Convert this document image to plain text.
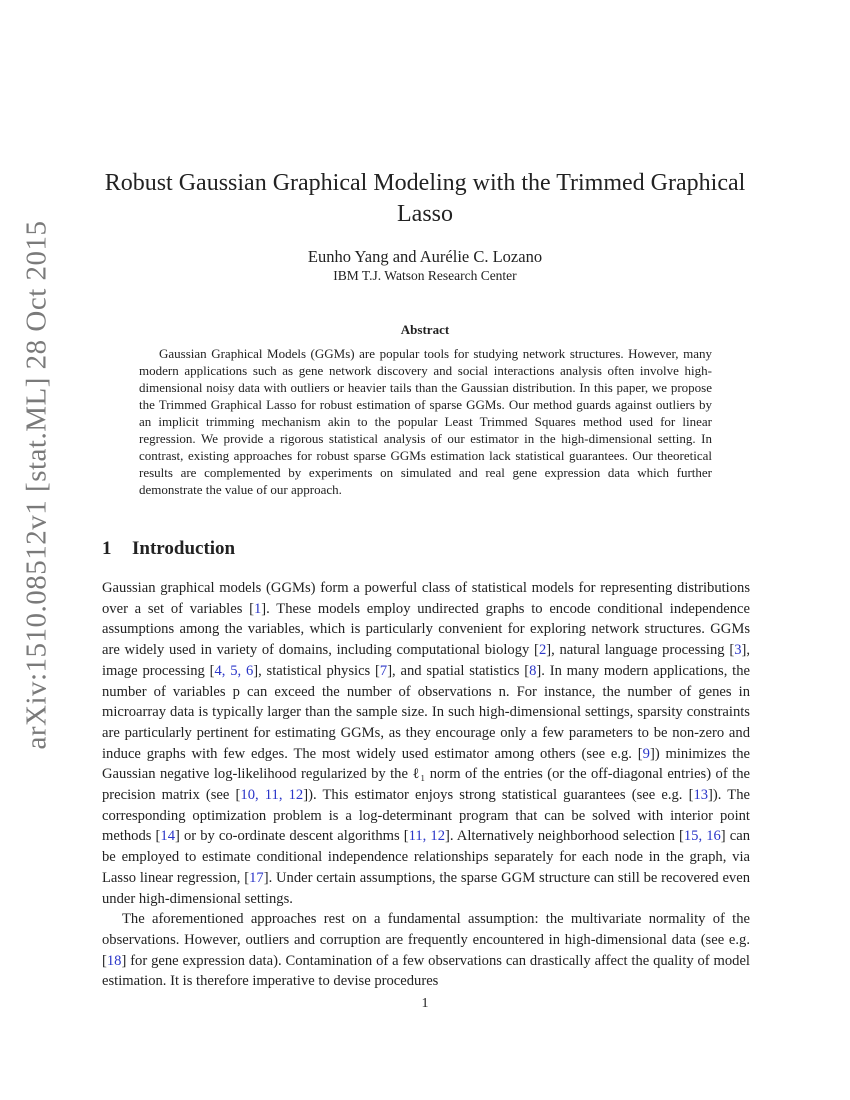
arXiv:1510.08512v1 [stat.ML] 28 Oct 2015
Robust Gaussian Graphical Modeling with the Trimmed Graphical Lasso
Eunho Yang and Aurélie C. Lozano
IBM T.J. Watson Research Center
Abstract
Gaussian Graphical Models (GGMs) are popular tools for studying network structures. However, many modern applications such as gene network discovery and social interactions analysis often involve high-dimensional noisy data with outliers or heavier tails than the Gaussian distribution. In this paper, we propose the Trimmed Graphical Lasso for robust estimation of sparse GGMs. Our method guards against outliers by an implicit trimming mechanism akin to the popular Least Trimmed Squares method used for linear regression. We provide a rigorous statistical analysis of our estimator in the high-dimensional setting. In contrast, existing approaches for robust sparse GGMs estimation lack statistical guarantees. Our theoretical results are complemented by experiments on simulated and real gene expression data which further demonstrate the value of our approach.
1 Introduction

Gaussian graphical models (GGMs) form a powerful class of statistical models for representing distributions over a set of variables [1]. These models employ undirected graphs to encode conditional independence assumptions among the variables, which is particularly convenient for exploring network structures. GGMs are widely used in variety of domains, including computational biology [2], natural language processing [3], image processing [4, 5, 6], statistical physics [7], and spatial statistics [8]. In many modern applications, the number of variables p can exceed the number of observations n. For instance, the number of genes in microarray data is typically larger than the sample size. In such high-dimensional settings, sparsity constraints are particularly pertinent for estimating GGMs, as they encourage only a few parameters to be non-zero and induce graphs with few edges. The most widely used estimator among others (see e.g. [9]) minimizes the Gaussian negative log-likelihood regularized by the ℓ₁ norm of the entries (or the off-diagonal entries) of the precision matrix (see [10, 11, 12]). This estimator enjoys strong statistical guarantees (see e.g. [13]). The corresponding optimization problem is a log-determinant program that can be solved with interior point methods [14] or by co-ordinate descent algorithms [11, 12]. Alternatively neighborhood selection [15, 16] can be employed to estimate conditional independence relationships separately for each node in the graph, via Lasso linear regression, [17]. Under certain assumptions, the sparse GGM structure can still be recovered even under high-dimensional settings.

The aforementioned approaches rest on a fundamental assumption: the multivariate normality of the observations. However, outliers and corruption are frequently encountered in high-dimensional data (see e.g. [18] for gene expression data). Contamination of a few observations can drastically affect the quality of model estimation. It is therefore imperative to devise procedures

1
